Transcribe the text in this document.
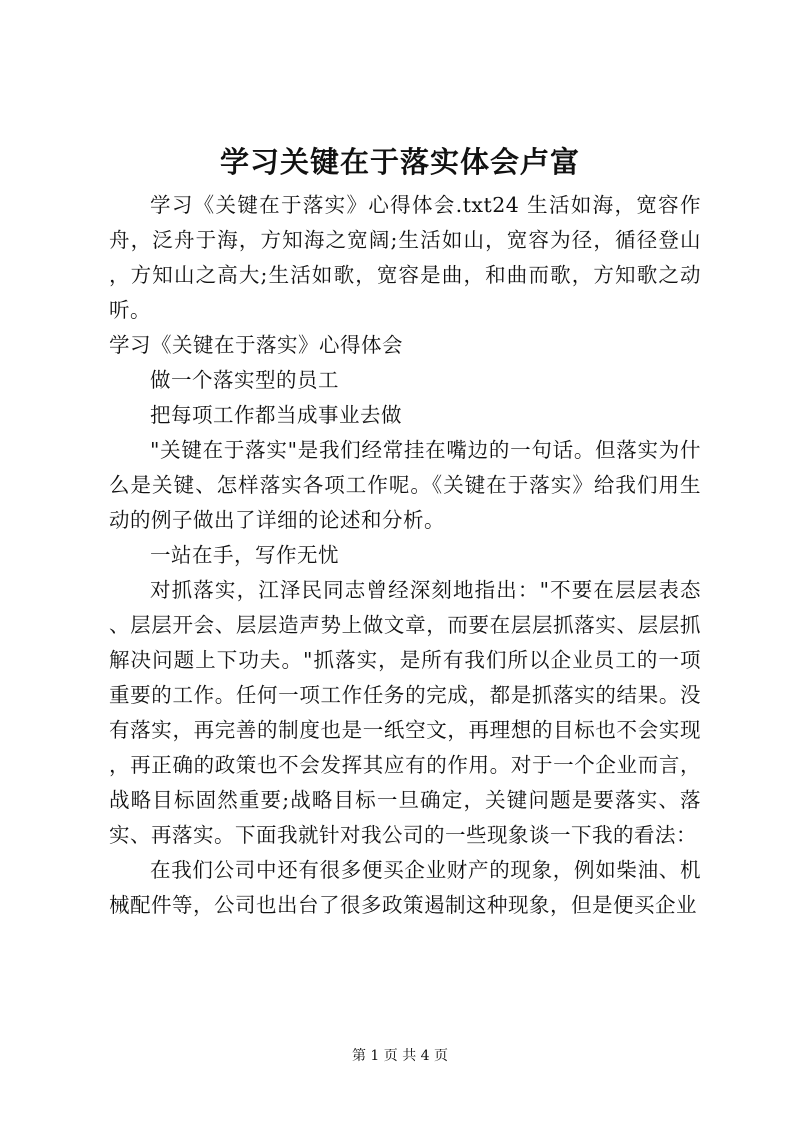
学习关键在于落实体会卢富

学习《关键在于落实》心得体会.txt24 生活如海，宽容作舟，泛舟于海，方知海之宽阔;生活如山，宽容为径，循径登山，方知山之高大;生活如歌，宽容是曲，和曲而歌，方知歌之动听。

学习《关键在于落实》心得体会

做一个落实型的员工

把每项工作都当成事业去做

"关键在于落实"是我们经常挂在嘴边的一句话。但落实为什么是关键、怎样落实各项工作呢。《关键在于落实》给我们用生动的例子做出了详细的论述和分析。

一站在手，写作无忧

对抓落实，江泽民同志曾经深刻地指出："不要在层层表态、层层开会、层层造声势上做文章，而要在层层抓落实、层层抓解决问题上下功夫。"抓落实，是所有我们所以企业员工的一项重要的工作。任何一项工作任务的完成，都是抓落实的结果。没有落实，再完善的制度也是一纸空文，再理想的目标也不会实现，再正确的政策也不会发挥其应有的作用。对于一个企业而言，战略目标固然重要;战略目标一旦确定，关键问题是要落实、落实、再落实。下面我就针对我公司的一些现象谈一下我的看法：

在我们公司中还有很多便买企业财产的现象，例如柴油、机械配件等，公司也出台了很多政策遏制这种现象，但是便买企业

第 1 页 共 4 页
